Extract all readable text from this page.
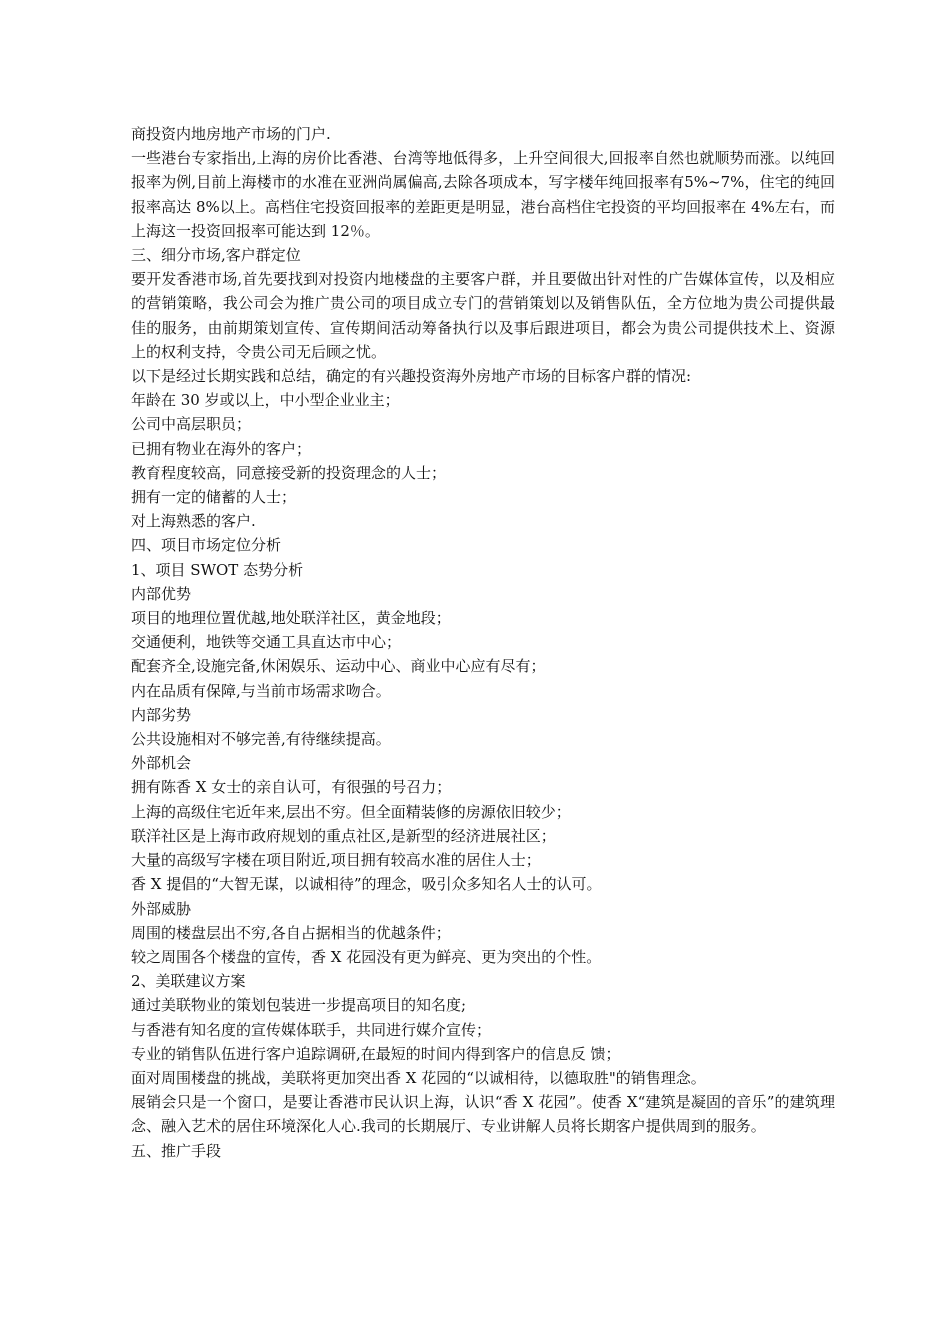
商投资内地房地产市场的门户.

一些港台专家指出,上海的房价比香港、台湾等地低得多，上升空间很大,回报率自然也就顺势而涨。以纯回报率为例,目前上海楼市的水准在亚洲尚属偏高,去除各项成本，写字楼年纯回报率有5%~7%，住宅的纯回报率高达 8%以上。高档住宅投资回报率的差距更是明显，港台高档住宅投资的平均回报率在 4%左右，而上海这一投资回报率可能达到 12％。

三、细分市场,客户群定位

要开发香港市场,首先要找到对投资内地楼盘的主要客户群，并且要做出针对性的广告媒体宣传，以及相应的营销策略，我公司会为推广贵公司的项目成立专门的营销策划以及销售队伍，全方位地为贵公司提供最佳的服务，由前期策划宣传、宣传期间活动筹备执行以及事后跟进项目，都会为贵公司提供技术上、资源上的权利支持，令贵公司无后顾之忧。

以下是经过长期实践和总结，确定的有兴趣投资海外房地产市场的目标客户群的情况:

年龄在 30 岁或以上，中小型企业业主；

公司中高层职员；

已拥有物业在海外的客户；

教育程度较高，同意接受新的投资理念的人士；

拥有一定的储蓄的人士；

对上海熟悉的客户.

四、项目市场定位分析

1、项目 SWOT 态势分析

内部优势

项目的地理位置优越,地处联洋社区，黄金地段；

交通便利，地铁等交通工具直达市中心；

配套齐全,设施完备,休闲娱乐、运动中心、商业中心应有尽有；

内在品质有保障,与当前市场需求吻合。

内部劣势

公共设施相对不够完善,有待继续提高。

外部机会

拥有陈香 X 女士的亲自认可，有很强的号召力；

上海的高级住宅近年来,层出不穷。但全面精装修的房源依旧较少；

联洋社区是上海市政府规划的重点社区,是新型的经济进展社区；

大量的高级写字楼在项目附近,项目拥有较高水准的居住人士；

香 X 提倡的“大智无谋，以诚相待”的理念，吸引众多知名人士的认可。

外部威胁

周围的楼盘层出不穷,各自占据相当的优越条件；

较之周围各个楼盘的宣传，香 X 花园没有更为鲜亮、更为突出的个性。

2、美联建议方案

通过美联物业的策划包装进一步提高项目的知名度;

与香港有知名度的宣传媒体联手，共同进行媒介宣传；

专业的销售队伍进行客户追踪调研,在最短的时间内得到客户的信息反 馈；

面对周围楼盘的挑战，美联将更加突出香 X 花园的“以诚相待，以德取胜"的销售理念。

展销会只是一个窗口，是要让香港市民认识上海，认识“香 X 花园”。使香 X“建筑是凝固的音乐”的建筑理念、融入艺术的居住环境深化人心.我司的长期展厅、专业讲解人员将长期客户提供周到的服务。

五、推广手段
